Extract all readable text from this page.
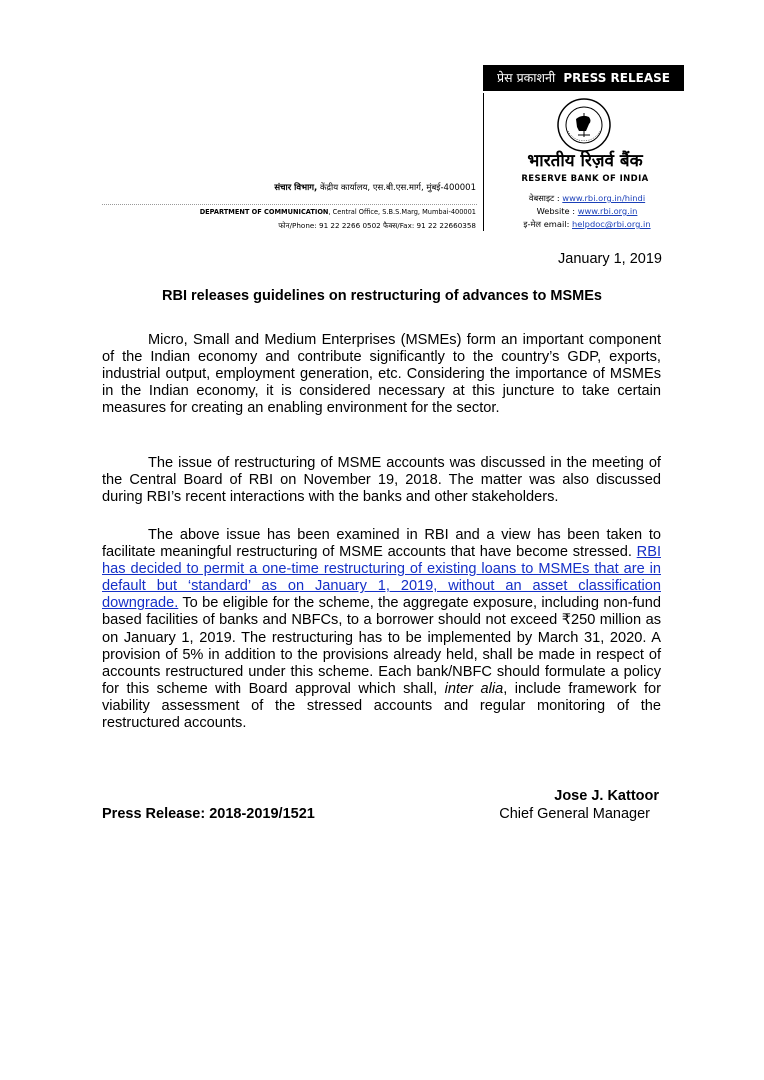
प्रेस प्रकाशनी PRESS RELEASE
भारतीय रिज़र्व बैंक
RESERVE BANK OF INDIA
वेबसाइट : www.rbi.org.in/hindi
Website : www.rbi.org.in
इ-मेल email: helpdoc@rbi.org.in
संचार विभाग, केंद्रीय कार्यालय, एस.बी.एस.मार्ग, मुंबई-400001
DEPARTMENT OF COMMUNICATION, Central Office, S.B.S.Marg, Mumbai-400001
फोन/Phone: 91 22 2266 0502 फैक्स/Fax: 91 22 22660358
January 1, 2019
RBI releases guidelines on restructuring of advances to MSMEs
Micro, Small and Medium Enterprises (MSMEs) form an important component of the Indian economy and contribute significantly to the country’s GDP, exports, industrial output, employment generation, etc. Considering the importance of MSMEs in the Indian economy, it is considered necessary at this juncture to take certain measures for creating an enabling environment for the sector.
The issue of restructuring of MSME accounts was discussed in the meeting of the Central Board of RBI on November 19, 2018. The matter was also discussed during RBI’s recent interactions with the banks and other stakeholders.
The above issue has been examined in RBI and a view has been taken to facilitate meaningful restructuring of MSME accounts that have become stressed. RBI has decided to permit a one-time restructuring of existing loans to MSMEs that are in default but ‘standard’ as on January 1, 2019, without an asset classification downgrade. To be eligible for the scheme, the aggregate exposure, including non-fund based facilities of banks and NBFCs, to a borrower should not exceed ₹250 million as on January 1, 2019. The restructuring has to be implemented by March 31, 2020. A provision of 5% in addition to the provisions already held, shall be made in respect of accounts restructured under this scheme. Each bank/NBFC should formulate a policy for this scheme with Board approval which shall, inter alia, include framework for viability assessment of the stressed accounts and regular monitoring of the restructured accounts.
Jose J. Kattoor
Press Release: 2018-2019/1521	Chief General Manager
